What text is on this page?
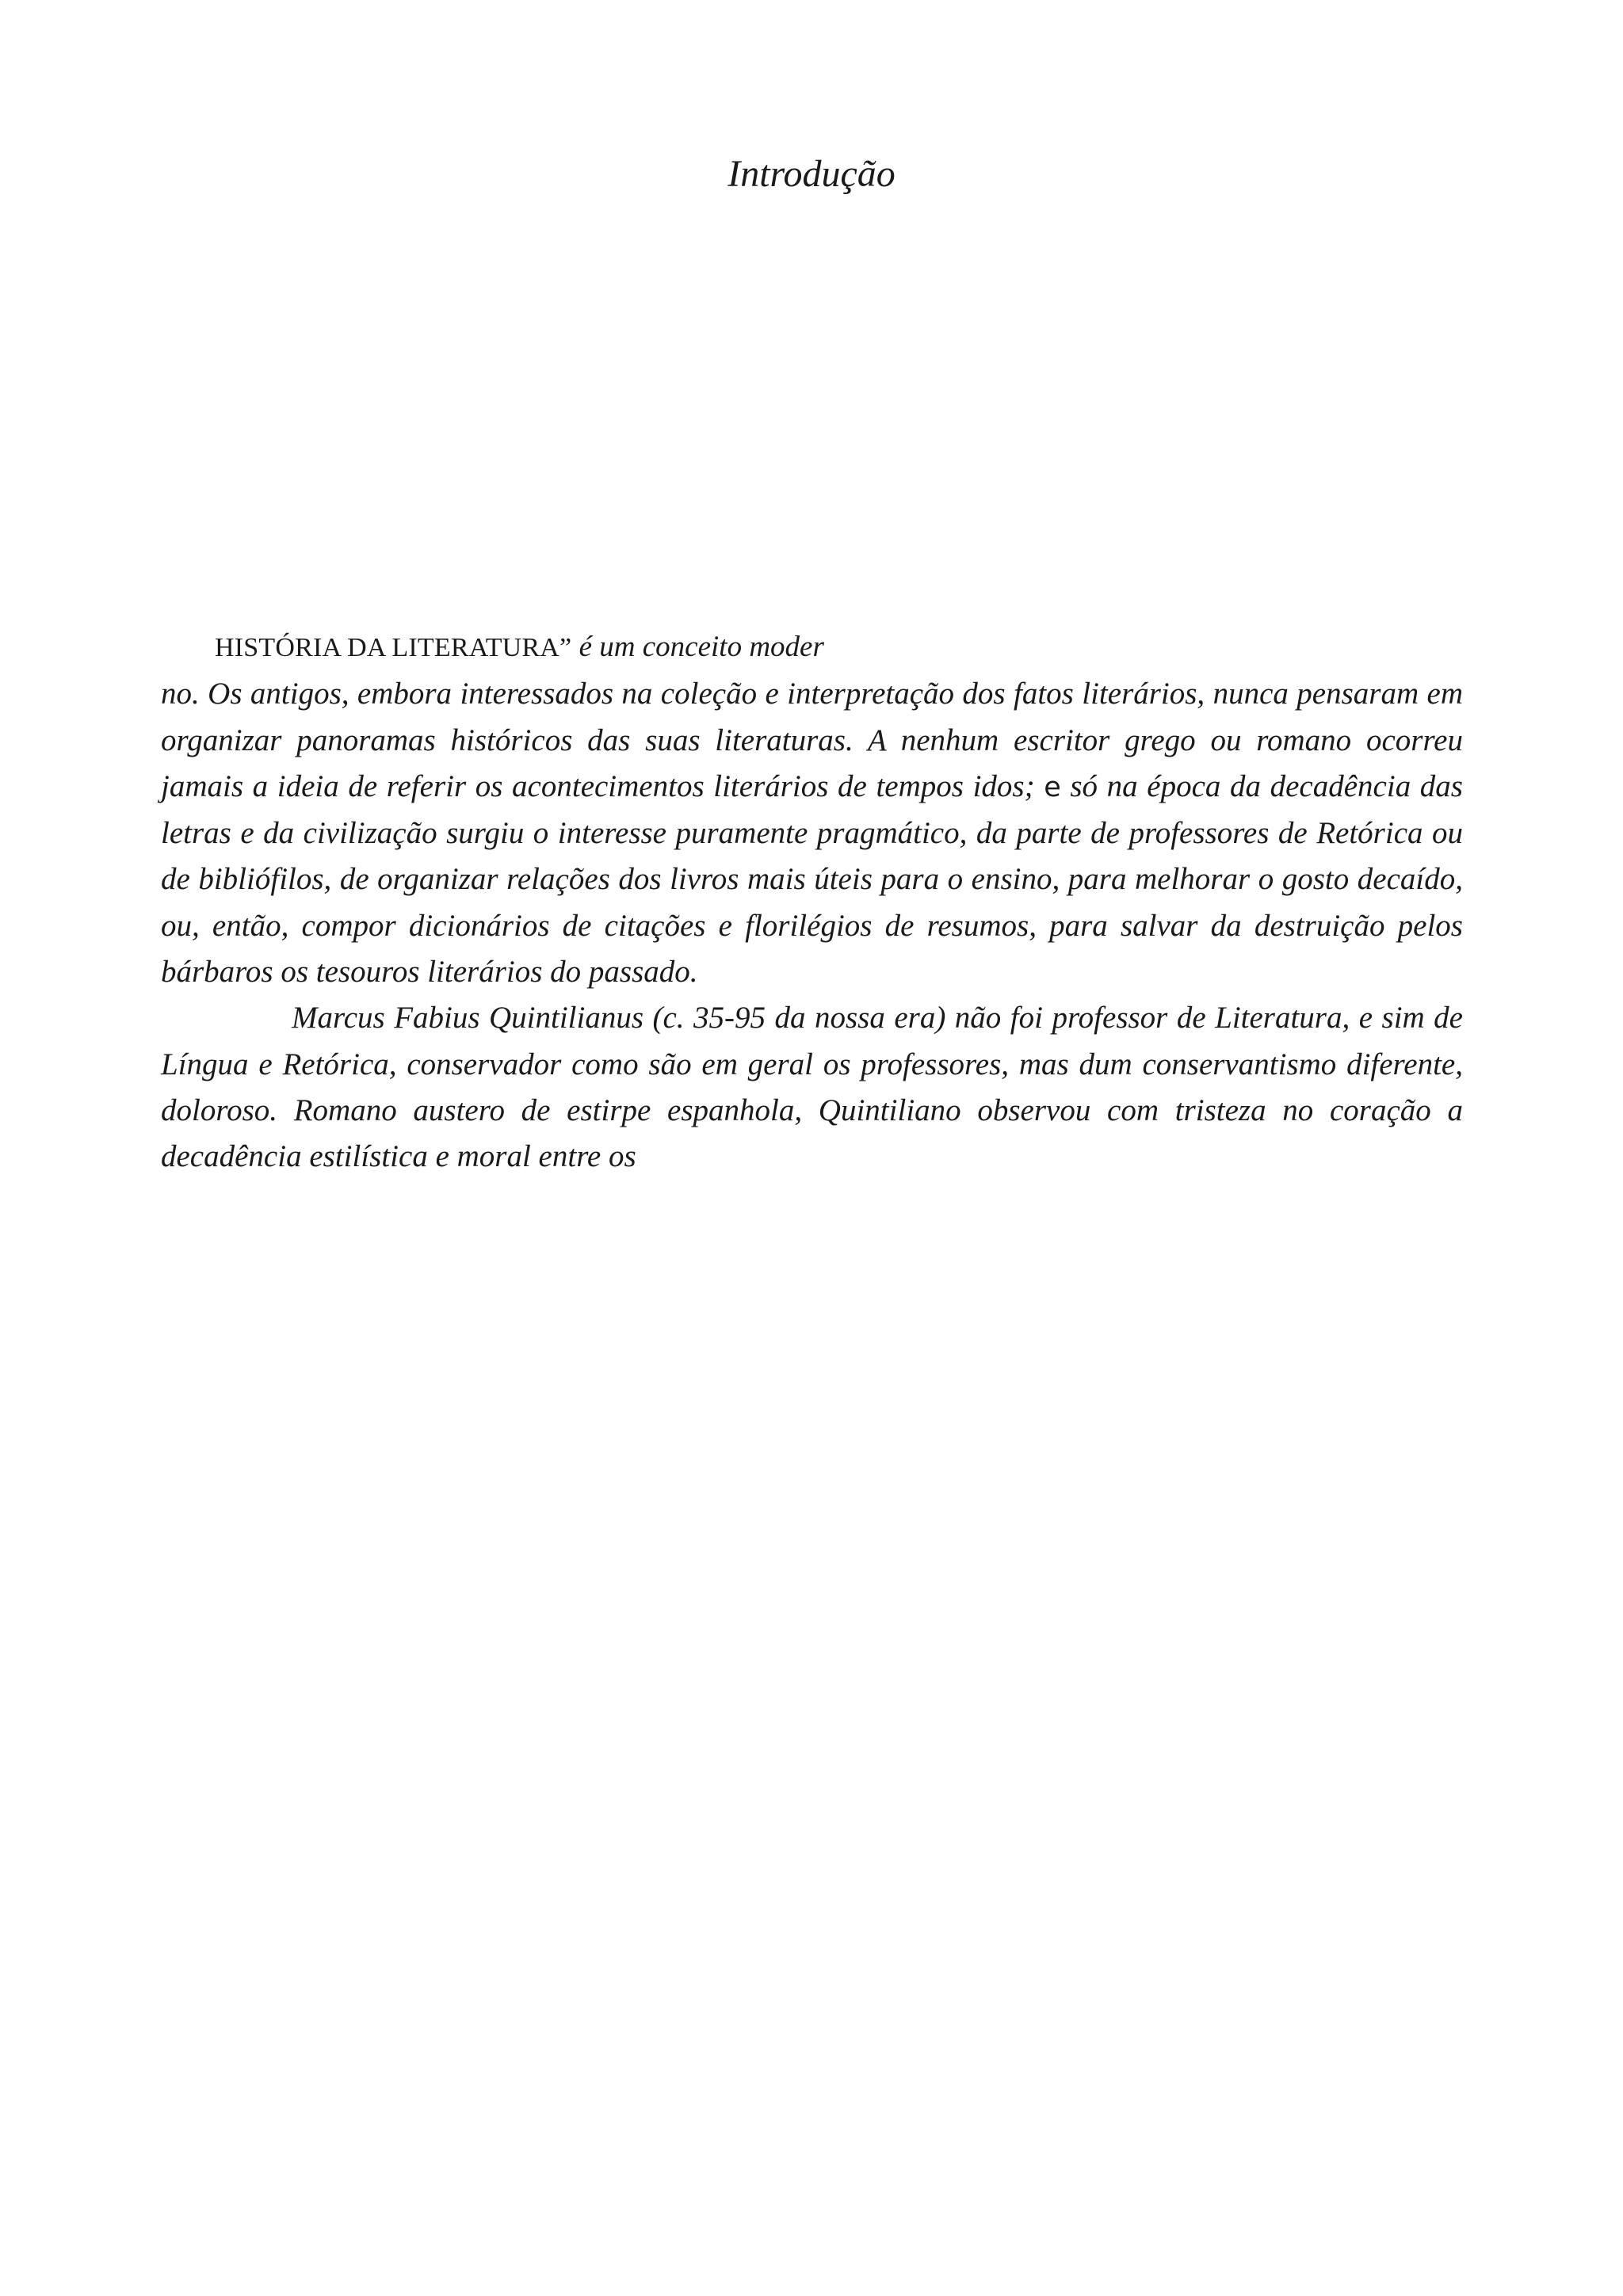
Introdução

HISTÓRIA DA LITERATURA” é um conceito moder

no. Os antigos, embora interessados na coleção e interpretação dos fatos literários, nunca pensaram em organizar panoramas históricos das suas literaturas. A nenhum escritor grego ou romano ocorreu jamais a ideia de referir os acontecimentos literários de tempos idos; e só na época da decadência das letras e da civilização surgiu o interesse puramente pragmático, da parte de professores de Retórica ou de bibliófilos, de organizar relações dos livros mais úteis para o ensino, para melhorar o gosto decaído, ou, então, compor dicionários de citações e florilégios de resumos, para salvar da destruição pelos bárbaros os tesouros literários do passado.

Marcus Fabius Quintilianus (c. 35-95 da nossa era) não foi professor de Literatura, e sim de Língua e Retórica, conservador como são em geral os professores, mas dum conservantismo diferente, doloroso. Romano austero de estirpe espanhola, Quintiliano observou com tristeza no coração a decadência estilística e moral entre os
